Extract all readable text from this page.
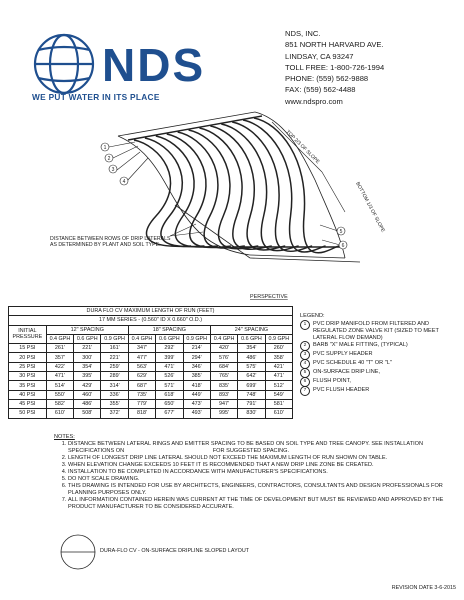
NDS
WE PUT WATER IN ITS PLACE
NDS, INC.
851 NORTH HARVARD AVE.
LINDSAY, CA 93247
TOLL FREE: 1-800-726-1994
PHONE: (559) 562-9888
FAX: (559) 562-4488
www.ndspro.com
1
2
3
4
5
6
TOP 2/3 OF SLOPE
BOTTOM 1/3 OF SLOPE
PERSPECTIVE
DISTANCE BETWEEN ROWS OF DRIP LATERALS AS DETERMINED BY PLANT AND SOIL TYPE.
DURA FLO CV MAXIMUM LENGTH OF RUN (FEET)									
17 MM SERIES - (0.560" ID X 0.660" O.D.)									

INITIAL
PRESSURE	12" SPACING			18" SPACING			24" SPACING		
	0.4 GPH	0.6 GPH	0.9 GPH	0.4 GPH	0.6 GPH	0.9 GPH	0.4 GPH	0.6 GPH	0.9 GPH
15 PSI	261'	221'	161'	347'	292'	214'	420'	354'	260'
20 PSI	357'	300'	221'	477'	399'	294'	576'	486'	358'
25 PSI	422'	354'	259'	563'	471'	346'	684'	575'	421'
30 PSI	471'	395'	289'	629'	526'	385'	765'	642'	471'
35 PSI	514'	429'	314'	687'	571'	418'	835'	699'	512'
40 PSI	550'	460'	336'	735'	618'	449'	893'	748'	549'
45 PSI	582'	486'	355'	779'	650'	473'	947'	791'	581'
50 PSI	610'	508'	372'	818'	677'	493'	995'	830'	610'
LEGEND:
1	PVC DRIP MANIFOLD FROM FILTERED AND REGULATED ZONE VALVE KIT (SIZED TO MEET LATERAL FLOW DEMAND)
2	BARB "X" MALE FITTING, (TYPICAL)
3	PVC SUPPLY HEADER
4	PVC SCHEDULE 40 "T" OR "L"
5	ON-SURFACE DRIP LINE,
6	FLUSH POINT,
7	PVC FLUSH HEADER
NOTES:
1. DISTANCE BETWEEN LATERAL RINGS AND EMITTER SPACING TO BE BASED ON SOIL TYPE AND TREE CANOPY. SEE INSTALLATION SPECIFICATIONS ON                                                         FOR SUGGESTED SPACING.
2. LENGTH OF LONGEST DRIP LINE LATERAL SHOULD NOT EXCEED THE MAXIMUM LENGTH OF RUN SHOWN ON TABLE.
3. WHEN ELEVATION CHANGE EXCEEDS 10 FEET IT IS RECOMMENDED THAT A NEW DRIP LINE ZONE BE CREATED.
4. INSTALLATION TO BE COMPLETED IN ACCORDANCE WITH MANUFACTURER'S SPECIFICATIONS.
5. DO NOT SCALE DRAWING.
6. THIS DRAWING IS INTENDED FOR USE BY ARCHITECTS, ENGINEERS, CONTRACTORS, CONSULTANTS AND DESIGN PROFESSIONALS FOR PLANNING PURPOSES ONLY.
7. ALL INFORMATION CONTAINED HEREIN WAS CURRENT AT THE TIME OF DEVELOPMENT BUT MUST BE REVIEWED AND APPROVED BY THE PRODUCT MANUFACTURER TO BE CONSIDERED ACCURATE.
DURA-FLO CV - ON-SURFACE DRIPLINE SLOPED LAYOUT
REVISION DATE 3-6-2015
